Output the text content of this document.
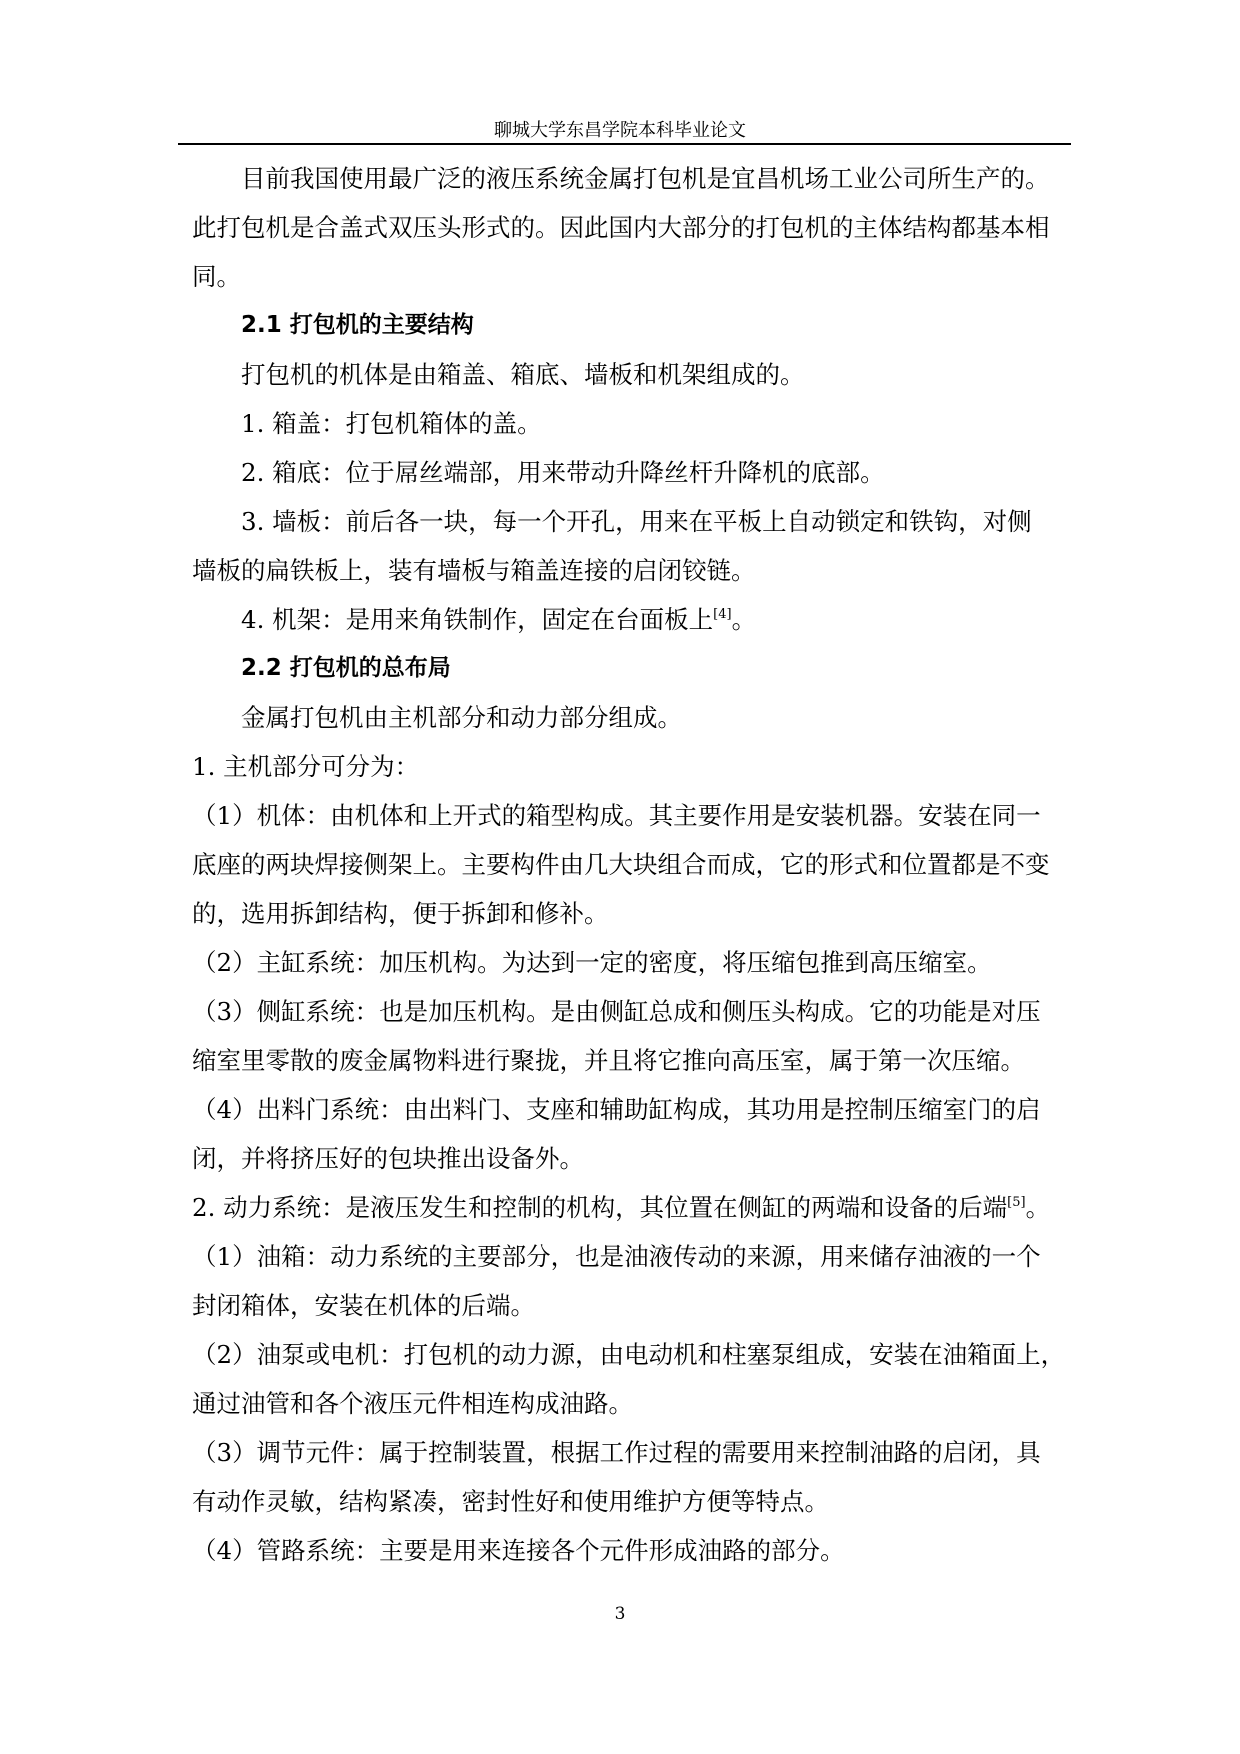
聊城大学东昌学院本科毕业论文
目前我国使用最广泛的液压系统金属打包机是宜昌机场工业公司所生产的。
此打包机是合盖式双压头形式的。因此国内大部分的打包机的主体结构都基本相
同。
2.1 打包机的主要结构
打包机的机体是由箱盖、箱底、墙板和机架组成的。
1. 箱盖：打包机箱体的盖。
2. 箱底：位于屌丝端部，用来带动升降丝杆升降机的底部。
3. 墙板：前后各一块，每一个开孔，用来在平板上自动锁定和铁钩，对侧
墙板的扁铁板上，装有墙板与箱盖连接的启闭铰链。
4. 机架：是用来角铁制作，固定在台面板上[4]。
2.2 打包机的总布局
金属打包机由主机部分和动力部分组成。
1. 主机部分可分为：
（1）机体：由机体和上开式的箱型构成。其主要作用是安装机器。安装在同一
底座的两块焊接侧架上。主要构件由几大块组合而成，它的形式和位置都是不变
的，选用拆卸结构，便于拆卸和修补。
（2）主缸系统：加压机构。为达到一定的密度，将压缩包推到高压缩室。
（3）侧缸系统：也是加压机构。是由侧缸总成和侧压头构成。它的功能是对压
缩室里零散的废金属物料进行聚拢，并且将它推向高压室，属于第一次压缩。
（4）出料门系统：由出料门、支座和辅助缸构成，其功用是控制压缩室门的启
闭，并将挤压好的包块推出设备外。
2. 动力系统：是液压发生和控制的机构，其位置在侧缸的两端和设备的后端[5]。
（1）油箱：动力系统的主要部分，也是油液传动的来源，用来储存油液的一个
封闭箱体，安装在机体的后端。
（2）油泵或电机：打包机的动力源，由电动机和柱塞泵组成，安装在油箱面上，
通过油管和各个液压元件相连构成油路。
（3）调节元件：属于控制装置，根据工作过程的需要用来控制油路的启闭，具
有动作灵敏，结构紧凑，密封性好和使用维护方便等特点。
（4）管路系统：主要是用来连接各个元件形成油路的部分。
3
